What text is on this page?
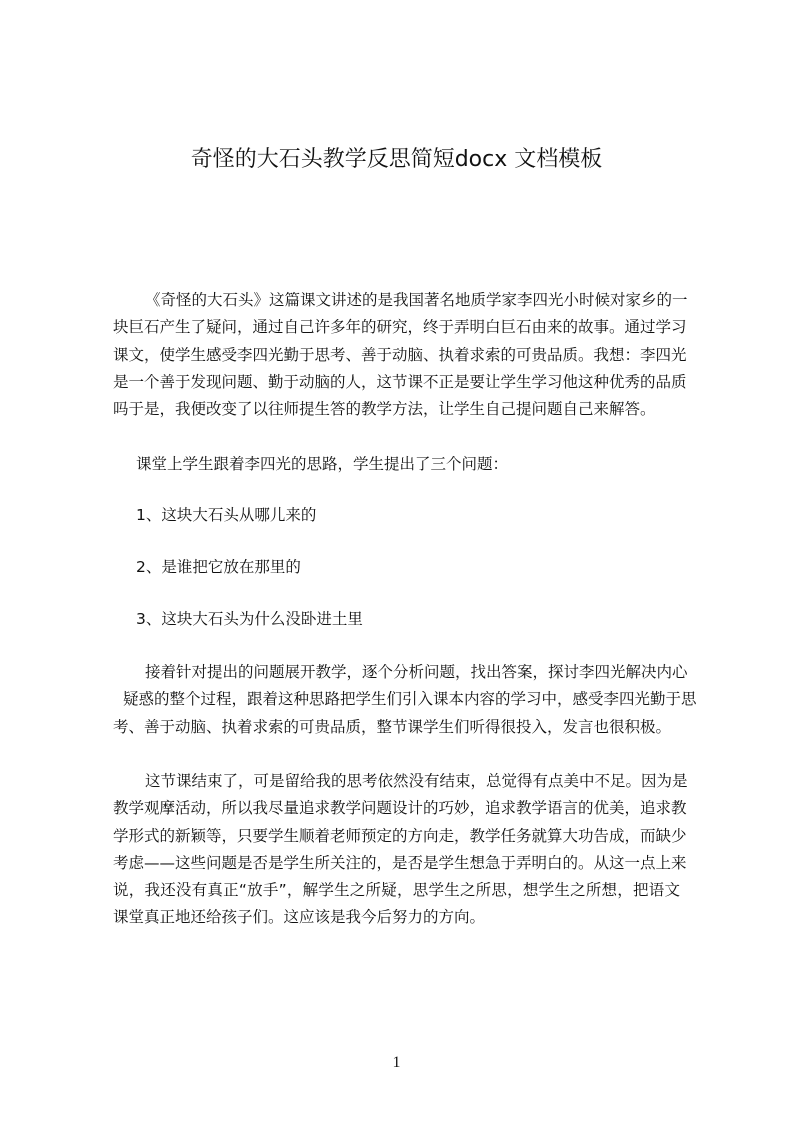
奇怪的大石头教学反思简短docx 文档模板
《奇怪的大石头》这篇课文讲述的是我国著名地质学家李四光小时候对家乡的一
块巨石产生了疑问，通过自己许多年的研究，终于弄明白巨石由来的故事。通过学习
课文，使学生感受李四光勤于思考、善于动脑、执着求索的可贵品质。我想：李四光
是一个善于发现问题、勤于动脑的人，这节课不正是要让学生学习他这种优秀的品质
吗于是，我便改变了以往师提生答的教学方法，让学生自己提问题自己来解答。
课堂上学生跟着李四光的思路，学生提出了三个问题：
1、这块大石头从哪儿来的
2、是谁把它放在那里的
3、这块大石头为什么没卧进土里
接着针对提出的问题展开教学，逐个分析问题，找出答案，探讨李四光解决内心
疑惑的整个过程，跟着这种思路把学生们引入课本内容的学习中，感受李四光勤于思
考、善于动脑、执着求索的可贵品质，整节课学生们听得很投入，发言也很积极。
这节课结束了，可是留给我的思考依然没有结束，总觉得有点美中不足。因为是
教学观摩活动，所以我尽量追求教学问题设计的巧妙，追求教学语言的优美，追求教
学形式的新颖等，只要学生顺着老师预定的方向走，教学任务就算大功告成，而缺少
考虑——这些问题是否是学生所关注的，是否是学生想急于弄明白的。从这一点上来
说，我还没有真正“放手”，解学生之所疑，思学生之所思，想学生之所想，把语文
课堂真正地还给孩子们。这应该是我今后努力的方向。
1
